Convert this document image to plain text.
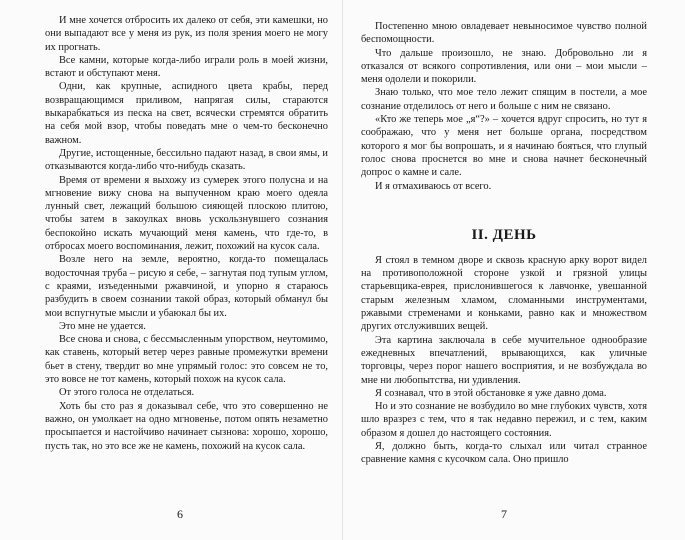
И мне хочется отбросить их далеко от себя, эти камешки, но они выпадают все у меня из рук, из поля зрения моего не могу их прогнать.

Все камни, которые когда-либо играли роль в моей жизни, встают и обступают меня.

Одни, как крупные, аспидного цвета крабы, перед возвращающимся приливом, напрягая силы, стараются выкарабкаться из песка на свет, всячески стремятся обратить на себя мой взор, чтобы поведать мне о чем-то бесконечно важном.

Другие, истощенные, бессильно падают назад, в свои ямы, и отказываются когда-либо что-нибудь сказать.

Время от времени я выхожу из сумерек этого полусна и на мгновение вижу снова на выпученном краю моего одеяла лунный свет, лежащий большою сияющей плоскою плитою, чтобы затем в закоулках вновь ускользнувшего сознания беспокойно искать мучающий меня камень, что где-то, в отбросах моего воспоминания, лежит, похожий на кусок сала.

Возле него на земле, вероятно, когда-то помещалась водосточная труба – рисую я себе, – загнутая под тупым углом, с краями, изъеденными ржавчиной, и упорно я стараюсь разбудить в своем сознании такой образ, который обманул бы мои вспугнутые мысли и убаюкал бы их.

Это мне не удается.

Все снова и снова, с бессмысленным упорством, неутомимо, как ставень, который ветер через равные промежутки времени бьет в стену, твердит во мне упрямый голос: это совсем не то, это вовсе не тот камень, который похож на кусок сала.

От этого голоса не отделаться.

Хоть бы сто раз я доказывал себе, что это совершенно не важно, он умолкает на одно мгновенье, потом опять незаметно просыпается и настойчиво начинает сызнова: хорошо, хорошо, пусть так, но это все же не камень, похожий на кусок сала.

6

Постепенно мною овладевает невыносимое чувство полной беспомощности.

Что дальше произошло, не знаю. Добровольно ли я отказался от всякого сопротивления, или они – мои мысли – меня одолели и покорили.

Знаю только, что мое тело лежит спящим в постели, а мое сознание отделилось от него и больше с ним не связано.

«Кто же теперь мое „я“?» – хочется вдруг спросить, но тут я соображаю, что у меня нет больше органа, посредством которого я мог бы вопрошать, и я начинаю бояться, что глупый голос снова проснется во мне и снова начнет бесконечный допрос о камне и сале.

И я отмахиваюсь от всего.

II. ДЕНЬ

Я стоял в темном дворе и сквозь красную арку ворот видел на противоположной стороне узкой и грязной улицы старьевщика-еврея, прислонившегося к лавчонке, увешанной старым железным хламом, сломанными инструментами, ржавыми стременами и коньками, равно как и множеством других отслуживших вещей.

Эта картина заключала в себе мучительное однообразие ежедневных впечатлений, врывающихся, как уличные торговцы, через порог нашего восприятия, и не возбуждала во мне ни любопытства, ни удивления.

Я сознавал, что в этой обстановке я уже давно дома.

Но и это сознание не возбудило во мне глубоких чувств, хотя шло вразрез с тем, что я так недавно пережил, и с тем, каким образом я дошел до настоящего состояния.

Я, должно быть, когда-то слыхал или читал странное сравнение камня с кусочком сала. Оно пришло

7
